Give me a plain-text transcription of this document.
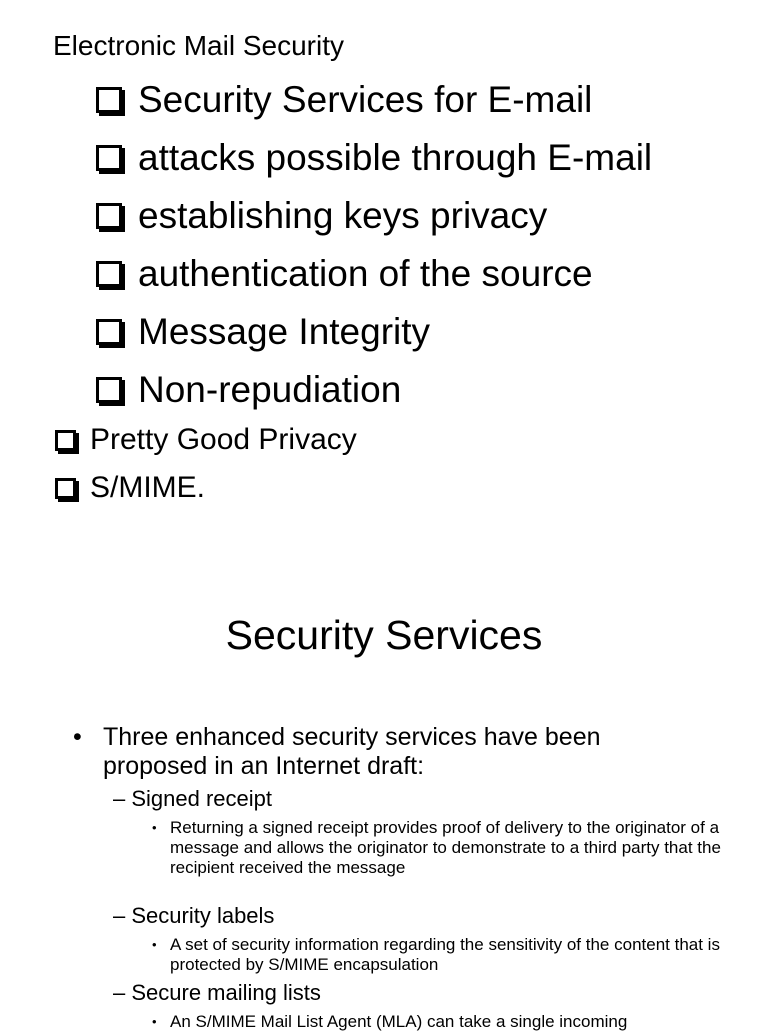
Electronic Mail Security
Security Services for E-mail
attacks possible through E-mail
establishing keys privacy
authentication of the source
Message Integrity
Non-repudiation
Pretty Good Privacy
S/MIME.
Security Services
• Three enhanced security services have been
proposed in an Internet draft:
– Signed receipt
• Returning a signed receipt provides proof of delivery to the originator of a message and allows the originator to demonstrate to a third party that the recipient received the message
– Security labels
• A set of security information regarding the sensitivity of the content that is protected by S/MIME encapsulation
– Secure mailing lists
• An S/MIME Mail List Agent (MLA) can take a single incoming
